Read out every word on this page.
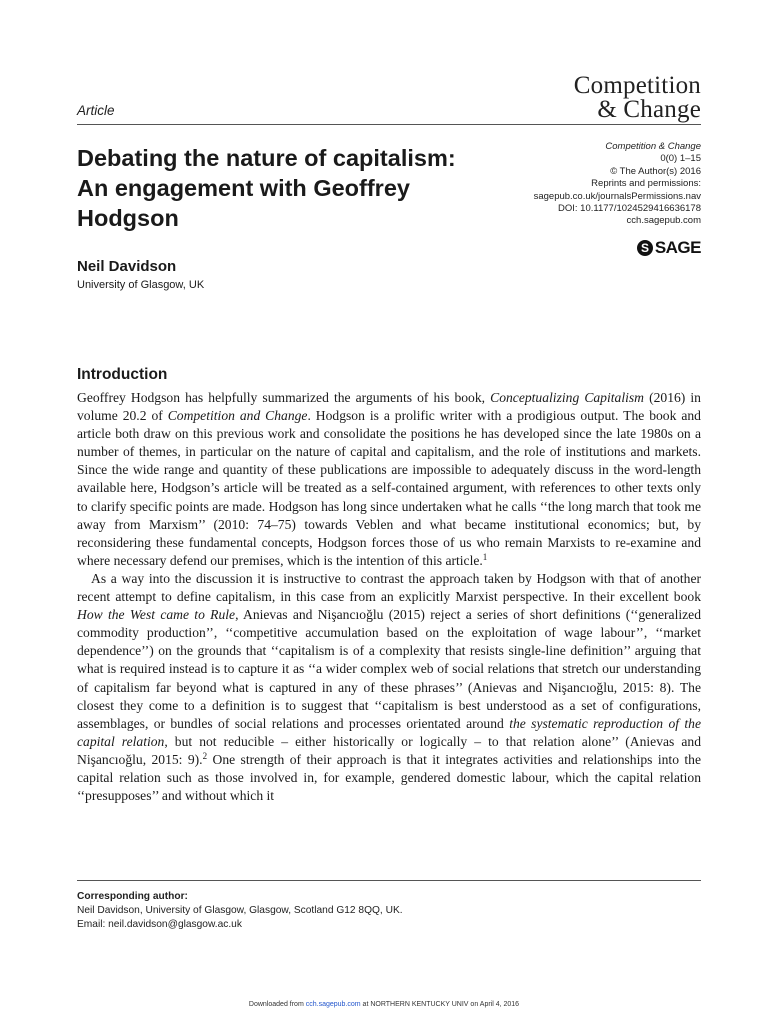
Competition
& Change
Article
Debating the nature of capitalism: An engagement with Geoffrey Hodgson
Competition & Change
0(0) 1–15
© The Author(s) 2016
Reprints and permissions:
sagepub.co.uk/journalsPermissions.nav
DOI: 10.1177/1024529416636178
cch.sagepub.com
S SAGE
Neil Davidson
University of Glasgow, UK
Introduction

Geoffrey Hodgson has helpfully summarized the arguments of his book, Conceptualizing Capitalism (2016) in volume 20.2 of Competition and Change. Hodgson is a prolific writer with a prodigious output. The book and article both draw on this previous work and consolidate the positions he has developed since the late 1980s on a number of themes, in particular on the nature of capital and capitalism, and the role of institutions and markets. Since the wide range and quantity of these publications are impossible to adequately discuss in the word-length available here, Hodgson’s article will be treated as a self-contained argument, with references to other texts only to clarify specific points are made. Hodgson has long since undertaken what he calls ‘‘the long march that took me away from Marxism’’ (2010: 74–75) towards Veblen and what became institutional economics; but, by reconsidering these fundamental concepts, Hodgson forces those of us who remain Marxists to re-examine and where necessary defend our premises, which is the intention of this article.$^1$

As a way into the discussion it is instructive to contrast the approach taken by Hodgson with that of another recent attempt to define capitalism, in this case from an explicitly Marxist perspective. In their excellent book How the West came to Rule, Anievas and Nişancıoğlu (2015) reject a series of short definitions (‘‘generalized commodity production’’, ‘‘competitive accumulation based on the exploitation of wage labour’’, ‘‘market dependence’’) on the grounds that ‘‘capitalism is of a complexity that resists single-line definition’’ arguing that what is required instead is to capture it as ‘‘a wider complex web of social relations that stretch our understanding of capitalism far beyond what is captured in any of these phrases’’ (Anievas and Nişancıoğlu, 2015: 8). The closest they come to a definition is to suggest that ‘‘capitalism is best understood as a set of configurations, assemblages, or bundles of social relations and processes orientated around the systematic reproduction of the capital relation, but not reducible – either historically or logically – to that relation alone’’ (Anievas and Nişancıoğlu, 2015: 9).$^2$ One strength of their approach is that it integrates activities and relationships into the capital relation such as those involved in, for example, gendered domestic labour, which the capital relation ‘‘presupposes’’ and without which it

Corresponding author:
Neil Davidson, University of Glasgow, Glasgow, Scotland G12 8QQ, UK.
Email: neil.davidson@glasgow.ac.uk
Downloaded from cch.sagepub.com at NORTHERN KENTUCKY UNIV on April 4, 2016
